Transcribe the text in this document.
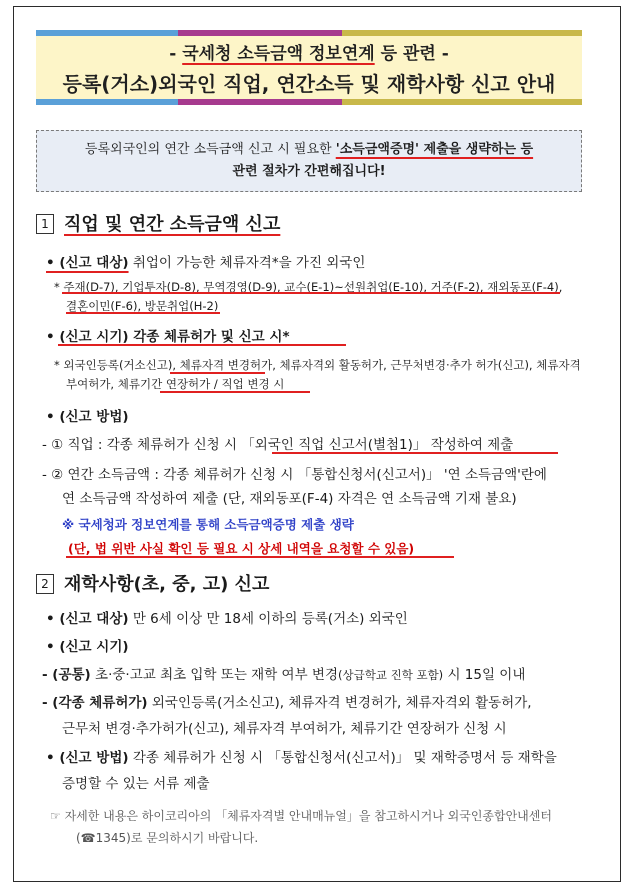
- 국세청 소득금액 정보연계 등 관련 -
등록(거소)외국인 직업, 연간소득 및 재학사항 신고 안내
등록외국인의 연간 소득금액 신고 시 필요한 '소득금액증명' 제출을 생략하는 등
관련 절차가 간편해집니다!
1 직업 및 연간 소득금액 신고
• (신고 대상) 취업이 가능한 체류자격*을 가진 외국인
* 주재(D-7), 기업투자(D-8), 무역경영(D-9), 교수(E-1)~선원취업(E-10), 거주(F-2), 재외동포(F-4),
결혼이민(F-6), 방문취업(H-2)
• (신고 시기) 각종 체류허가 및 신고 시*
* 외국인등록(거소신고), 체류자격 변경허가, 체류자격외 활동허가, 근무처변경·추가 허가(신고), 체류자격
부여허가, 체류기간 연장허가 / 직업 변경 시
• (신고 방법)
- ① 직업 : 각종 체류허가 신청 시 「외국인 직업 신고서(별첨1)」 작성하여 제출
- ② 연간 소득금액 : 각종 체류허가 신청 시 「통합신청서(신고서)」 '연 소득금액'란에
연 소득금액 작성하여 제출 (단, 재외동포(F-4) 자격은 연 소득금액 기재 불요)
※ 국세청과 정보연계를 통해 소득금액증명 제출 생략
(단, 법 위반 사실 확인 등 필요 시 상세 내역을 요청할 수 있음)
2 재학사항(초, 중, 고) 신고
• (신고 대상) 만 6세 이상 만 18세 이하의 등록(거소) 외국인
• (신고 시기)
- (공통) 초·중·고교 최초 입학 또는 재학 여부 변경(상급학교 진학 포함) 시 15일 이내
- (각종 체류허가) 외국인등록(거소신고), 체류자격 변경허가, 체류자격외 활동허가,
근무처 변경·추가허가(신고), 체류자격 부여허가, 체류기간 연장허가 신청 시
• (신고 방법) 각종 체류허가 신청 시 「통합신청서(신고서)」 및 재학증명서 등 재학을
증명할 수 있는 서류 제출
☞ 자세한 내용은 하이코리아의 「체류자격별 안내매뉴얼」을 참고하시거나 외국인종합안내센터
(☎1345)로 문의하시기 바랍니다.
